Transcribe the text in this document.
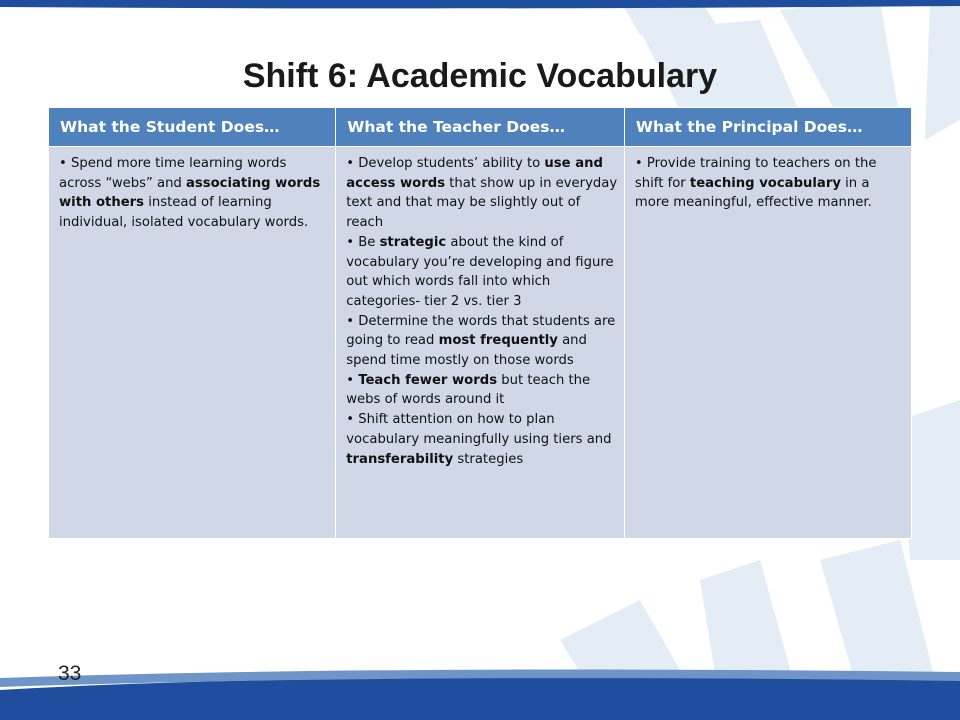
Shift 6: Academic Vocabulary
What the Student Does…	What the Teacher Does…	What the Principal Does…

• Spend more time learning words across “webs” and associating words with others instead of learning individual, isolated vocabulary words.	• Develop students’ ability to use and access words that show up in everyday text and that may be slightly out of reach

• Be strategic about the kind of vocabulary you’re developing and figure out which words fall into which categories- tier 2 vs. tier 3

• Determine the words that students are going to read most frequently and spend time mostly on those words

• Teach fewer words but teach the webs of words around it

• Shift attention on how to plan vocabulary meaningfully using tiers and transferability strategies	• Provide training to teachers on the shift for teaching vocabulary in a more meaningful, effective manner.

33
